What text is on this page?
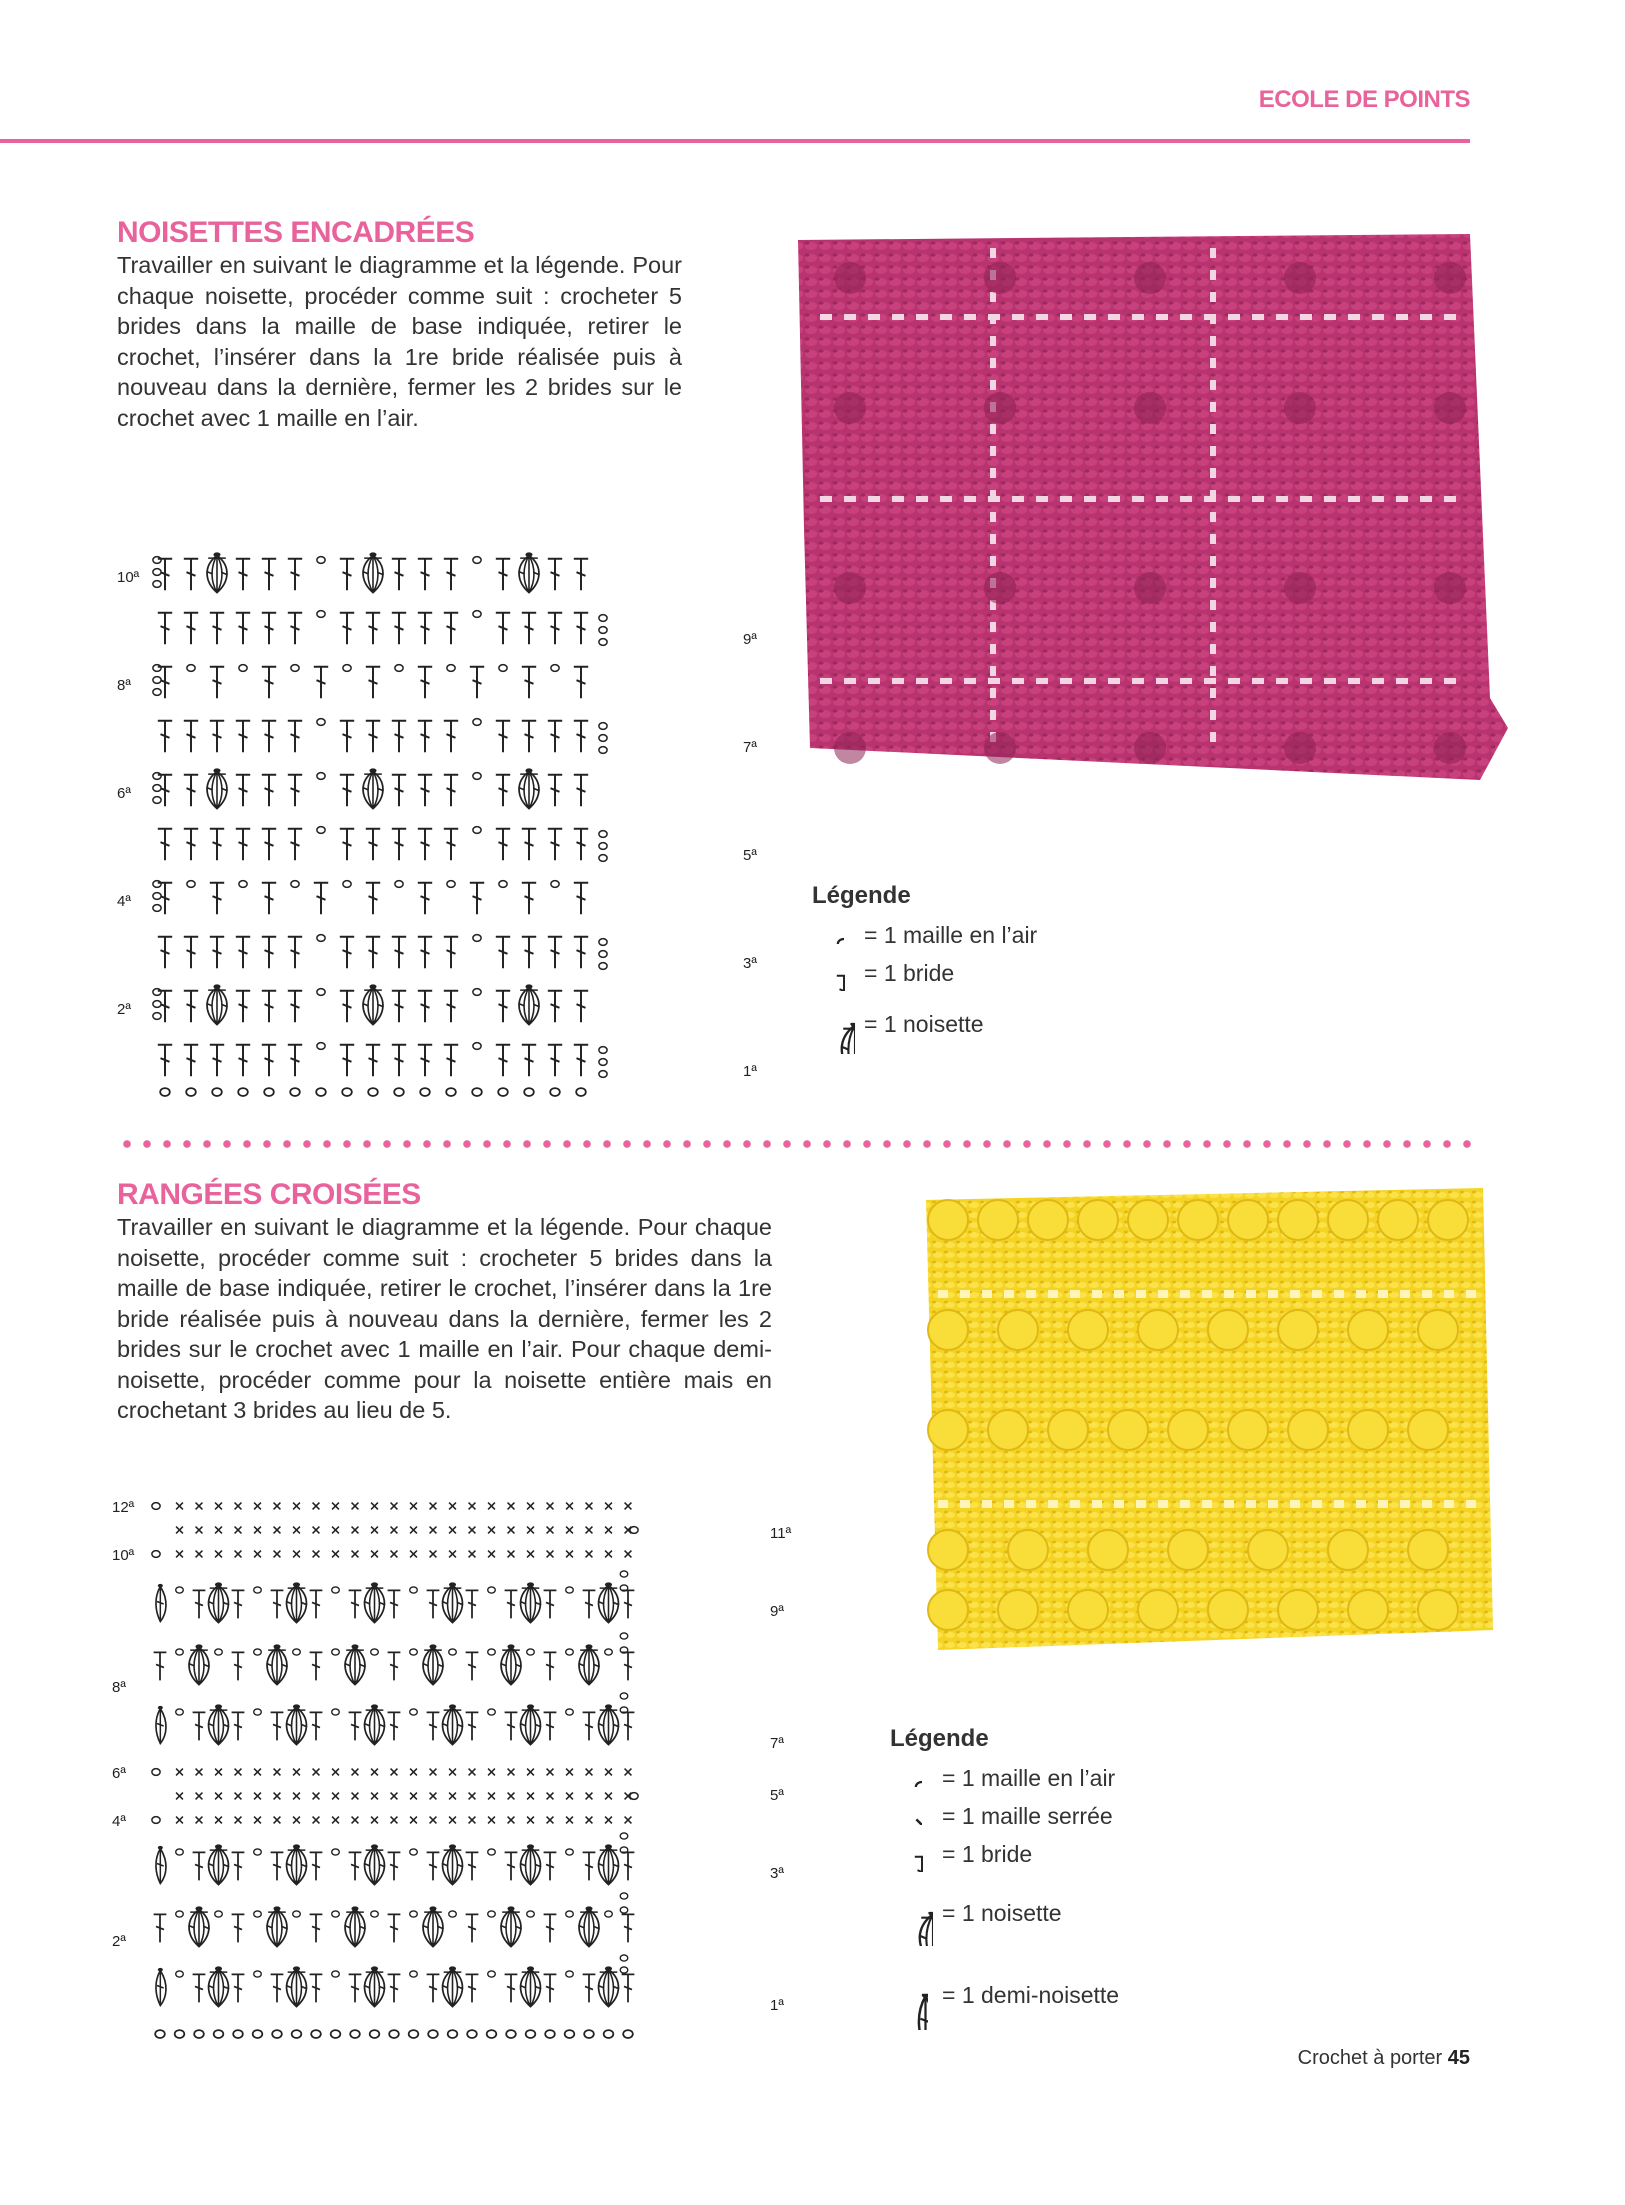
ECOLE DE POINTS
NOISETTES ENCADRÉES

Travailler en suivant le diagramme et la légende. Pour chaque noisette, procéder comme suit : crocheter 5 brides dans la maille de base indiquée, retirer le crochet, l’insérer dans la 1re bride réalisée puis à nouveau dans la dernière, fermer les 2 brides sur le crochet avec 1 maille en l’air.

10ª
8ª
6ª
4ª
2ª
9ª
7ª
5ª
3ª
1ª
Légende
= 1 maille en l’air
= 1 bride
= 1 noisette
RANGÉES CROISÉES

Travailler en suivant le diagramme et la légende. Pour chaque noisette, procéder comme suit : crocheter 5 brides dans la maille de base indiquée, retirer le crochet, l’insérer dans la 1re bride réalisée puis à nouveau dans la dernière, fermer les 2 brides sur le crochet avec 1 maille en l’air. Pour chaque demi-noisette, procéder comme pour la noisette entière mais en crochetant 3 brides au lieu de 5.

12ª
10ª
8ª
6ª
4ª
2ª
11ª
9ª
7ª
5ª
3ª
1ª
Légende
= 1 maille en l’air
= 1 maille serrée
= 1 bride
= 1 noisette
= 1 demi-noisette
Crochet à porter 45
